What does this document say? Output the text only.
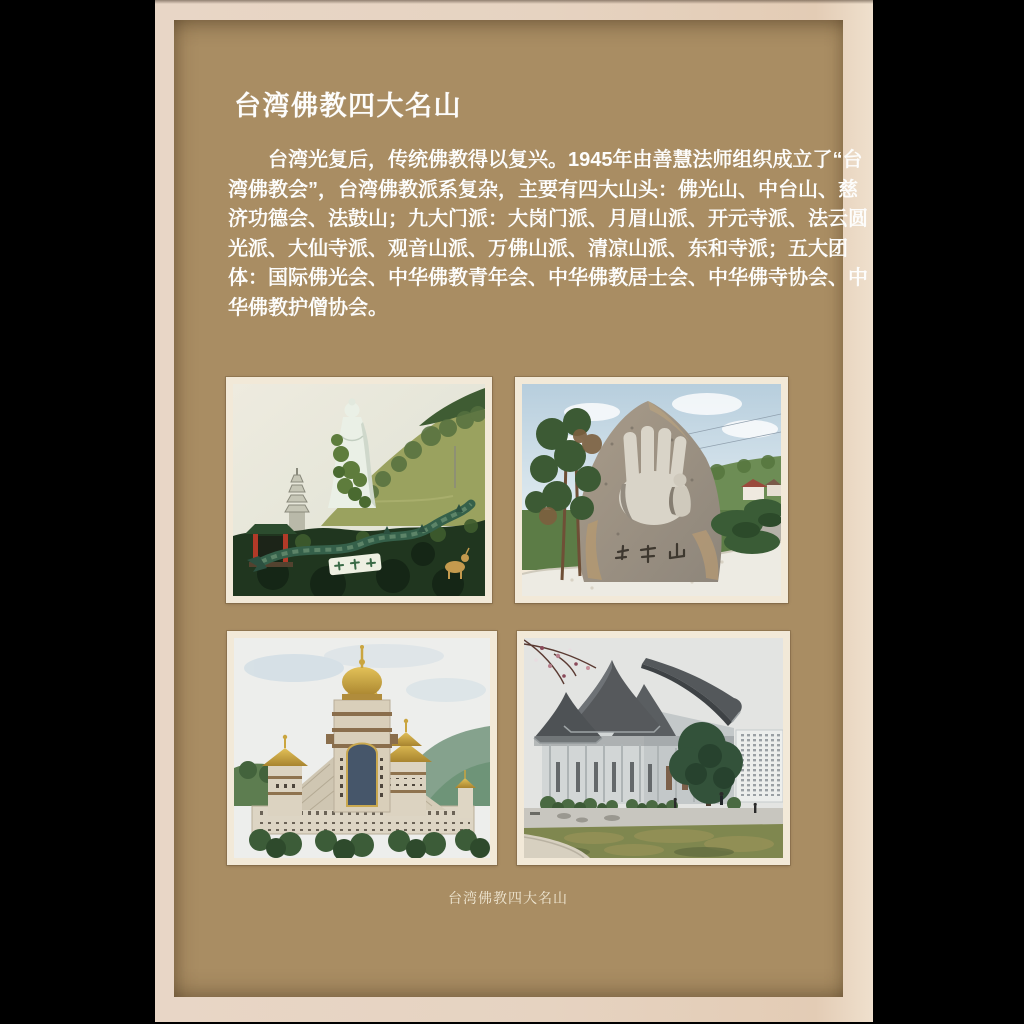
台湾佛教四大名山
台湾光复后，传统佛教得以复兴。1945年由善慧法师组织成立了“台
湾佛教会”，台湾佛教派系复杂，主要有四大山头：佛光山、中台山、慈
济功德会、法鼓山；九大门派：大岗门派、月眉山派、开元寺派、法云圆
光派、大仙寺派、观音山派、万佛山派、清凉山派、东和寺派；五大团
体：国际佛光会、中华佛教青年会、中华佛教居士会、中华佛寺协会、中
华佛教护僧协会。
台湾佛教四大名山
